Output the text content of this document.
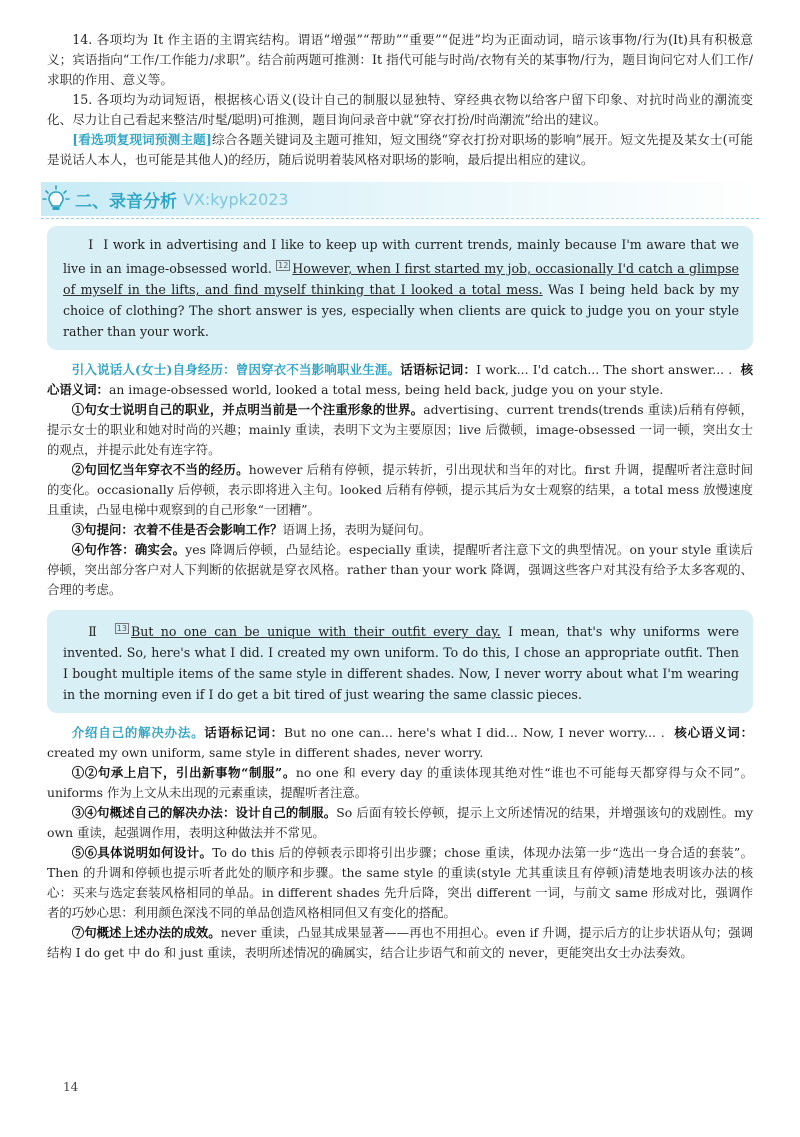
14. 各项均为 It 作主语的主谓宾结构。谓语“增强”“帮助”“重要”“促进”均为正面动词，暗示该事物/行为(It)具有积极意义；宾语指向“工作/工作能力/求职”。结合前两题可推测：It 指代可能与时尚/衣物有关的某事物/行为，题目询问它对人们工作/求职的作用、意义等。

15. 各项均为动词短语，根据核心语义(设计自己的制服以显独特、穿经典衣物以给客户留下印象、对抗时尚业的潮流变化、尽力让自己看起来整洁/时髦/聪明)可推测，题目询问录音中就“穿衣打扮/时尚潮流”给出的建议。

[看选项复现词预测主题]综合各题关键词及主题可推知，短文围绕“穿衣打扮对职场的影响”展开。短文先提及某女士(可能是说话人本人，也可能是其他人)的经历，随后说明着装风格对职场的影响，最后提出相应的建议。

二、录音分析 VX:kypk2023

Ⅰ I work in advertising and I like to keep up with current trends, mainly because I'm aware that we live in an image-obsessed world. $^{12}$ However, when I first started my job, occasionally I'd catch a glimpse of myself in the lifts, and find myself thinking that I looked a total mess. Was I being held back by my choice of clothing? The short answer is yes, especially when clients are quick to judge you on your style rather than your work.

引入说话人(女士)自身经历：曾因穿衣不当影响职业生涯。话语标记词：I work... I'd catch... The short answer... . 核心语义词：an image-obsessed world, looked a total mess, being held back, judge you on your style.

①句女士说明自己的职业，并点明当前是一个注重形象的世界。advertising、current trends(trends 重读)后稍有停顿，提示女士的职业和她对时尚的兴趣；mainly 重读，表明下文为主要原因；live 后微顿，image-obsessed 一词一顿，突出女士的观点，并提示此处有连字符。

②句回忆当年穿衣不当的经历。however 后稍有停顿，提示转折，引出现状和当年的对比。first 升调，提醒听者注意时间的变化。occasionally 后停顿，表示即将进入主句。looked 后稍有停顿，提示其后为女士观察的结果，a total mess 放慢速度且重读，凸显电梯中观察到的自己形象“一团糟”。

③句提问：衣着不佳是否会影响工作？语调上扬，表明为疑问句。

④句作答：确实会。yes 降调后停顿，凸显结论。especially 重读，提醒听者注意下文的典型情况。on your style 重读后停顿，突出部分客户对人下判断的依据就是穿衣风格。rather than your work 降调，强调这些客户对其没有给予太多客观的、合理的考虑。

Ⅱ $^{13}$ But no one can be unique with their outfit every day. I mean, that's why uniforms were invented. So, here's what I did. I created my own uniform. To do this, I chose an appropriate outfit. Then I bought multiple items of the same style in different shades. Now, I never worry about what I'm wearing in the morning even if I do get a bit tired of just wearing the same classic pieces.

介绍自己的解决办法。话语标记词：But no one can... here's what I did... Now, I never worry... . 核心语义词：created my own uniform, same style in different shades, never worry.

①②句承上启下，引出新事物“制服”。no one 和 every day 的重读体现其绝对性“谁也不可能每天都穿得与众不同”。uniforms 作为上文从未出现的元素重读，提醒听者注意。

③④句概述自己的解决办法：设计自己的制服。So 后面有较长停顿，提示上文所述情况的结果，并增强该句的戏剧性。my own 重读，起强调作用，表明这种做法并不常见。

⑤⑥具体说明如何设计。To do this 后的停顿表示即将引出步骤；chose 重读，体现办法第一步“选出一身合适的套装”。Then 的升调和停顿也提示听者此处的顺序和步骤。the same style 的重读(style 尤其重读且有停顿)清楚地表明该办法的核心：买来与选定套装风格相同的单品。in different shades 先升后降，突出 different 一词，与前文 same 形成对比，强调作者的巧妙心思：利用颜色深浅不同的单品创造风格相同但又有变化的搭配。

⑦句概述上述办法的成效。never 重读，凸显其成果显著——再也不用担心。even if 升调，提示后方的让步状语从句；强调结构 I do get 中 do 和 just 重读，表明所述情况的确属实，结合让步语气和前文的 never，更能突出女士办法奏效。

14
